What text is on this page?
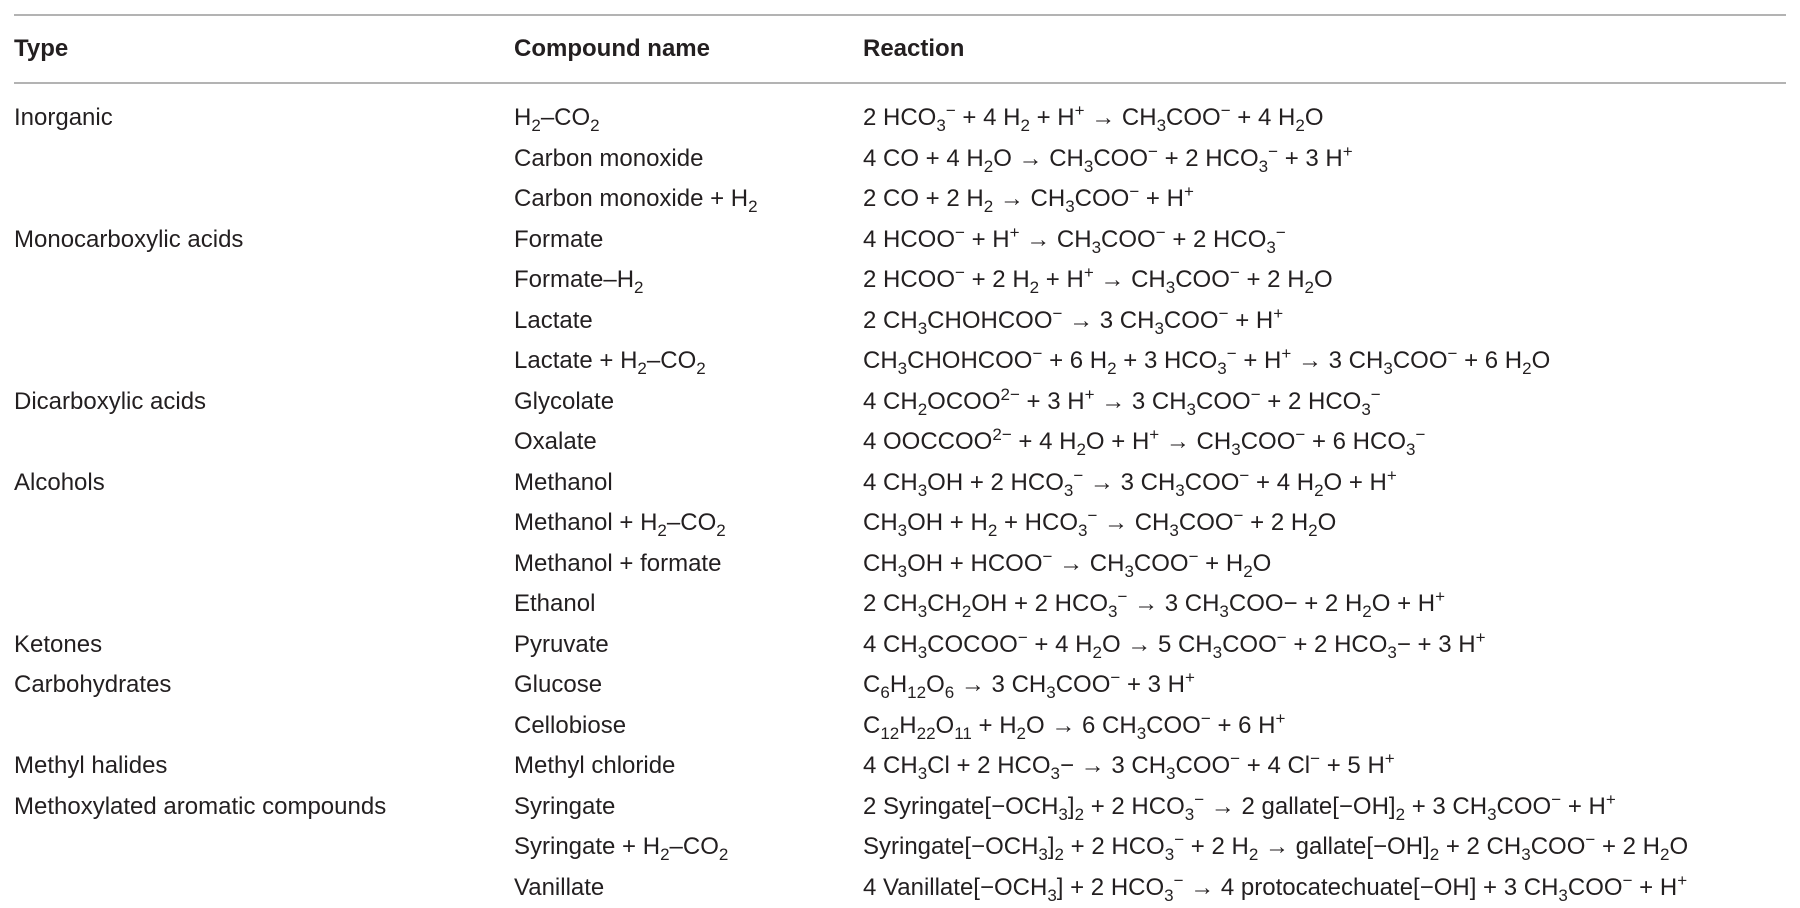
Type	Compound name	Reaction
Inorganic	$H_2-CO_2$	2 $HCO_3^- + 4$ $H_2 + H^+ \to CH_3COO^- + 4$ $H_2O$
	Carbon monoxide	4 CO + 4 $H_2O \to CH_3COO^- + 2$ $HCO_3^- + 3$ H+
	Carbon monoxide + $H_2$	2 CO + 2 $H_2 \to CH_3COO^- + H^+$
Monocarboxylic acids	Formate	4 HCOO− + $H^+ \to CH_3COO^- + 2$ $HCO_3^-$
	Formate–$H_2$	2 HCOO− + 2 $H_2 + H^+ \to CH_3COO^- + 2$ $H_2O$
	Lactate	2 $CH_3CHOHCOO^- \to 3$ $CH_3COO^- + H^+$
	Lactate + $H_2-CO_2$	$CH_3CHOHCOO^- + 6$ $H_2 + 3$ $HCO_3^- + H^+ \to 3$ $CH_3COO^- + 6$ $H_2O$
Dicarboxylic acids	Glycolate	4 $CH_2OCOO^{2-} + 3$ H+ → 3 $CH_3COO^- + 2$ $HCO_3^-$
	Oxalate	4 $OOCCOO^{2-} + 4$ $H_2O + H^+ \to CH_3COO^- + 6$ $HCO_3^-$
Alcohols	Methanol	4 $CH_3OH + 2$ $HCO_3^- \to 3$ $CH_3COO^- + 4$ $H_2O + H^+$
	Methanol + $H_2-CO_2$	$CH_3OH + H_2 + HCO_3^- \to CH_3COO^- + 2$ $H_2O$
	Methanol + formate	$CH_3OH$ + HCOO− → $CH_3COO^- + H_2O$
	Ethanol	2 $CH_3CH_2OH + 2$ $HCO_3^- \to 3$ $CH_3COO- + 2$ $H_2O + H^+$
Ketones	Pyruvate	4 $CH_3COCOO^- + 4$ $H_2O \to 5$ $CH_3COO^- + 2$ $HCO_3- + 3$ H+
Carbohydrates	Glucose	$C_6H_{12}O_6 \to 3$ $CH_3COO^- + 3$ H+
	Cellobiose	$C_{12}H_{22}O_{11} + H_2O \to 6$ $CH_3COO^- + 6$ H+
Methyl halides	Methyl chloride	4 $CH_3Cl + 2$ $HCO_3- \to 3$ $CH_3COO^- + 4$ Cl− + 5 H+
Methoxylated aromatic compounds	Syringate	2 $Syringate[-OCH_3]_2 + 2$ $HCO_3^- \to 2$ $gallate[-OH]_2 + 3$ $CH_3COO^- + H^+$
	Syringate + $H_2-CO_2$	$Syringate[-OCH_3]_2 + 2$ $HCO_3^- + 2$ $H_2$ → $gallate[-OH]_2 + 2$ $CH_3COO^- + 2$ $H_2O$
	Vanillate	4 $Vanillate[-OCH_3] + 2$ $HCO_3^- \to 4$ protocatechuate[−OH] + 3 $CH_3COO^- + H^+$
